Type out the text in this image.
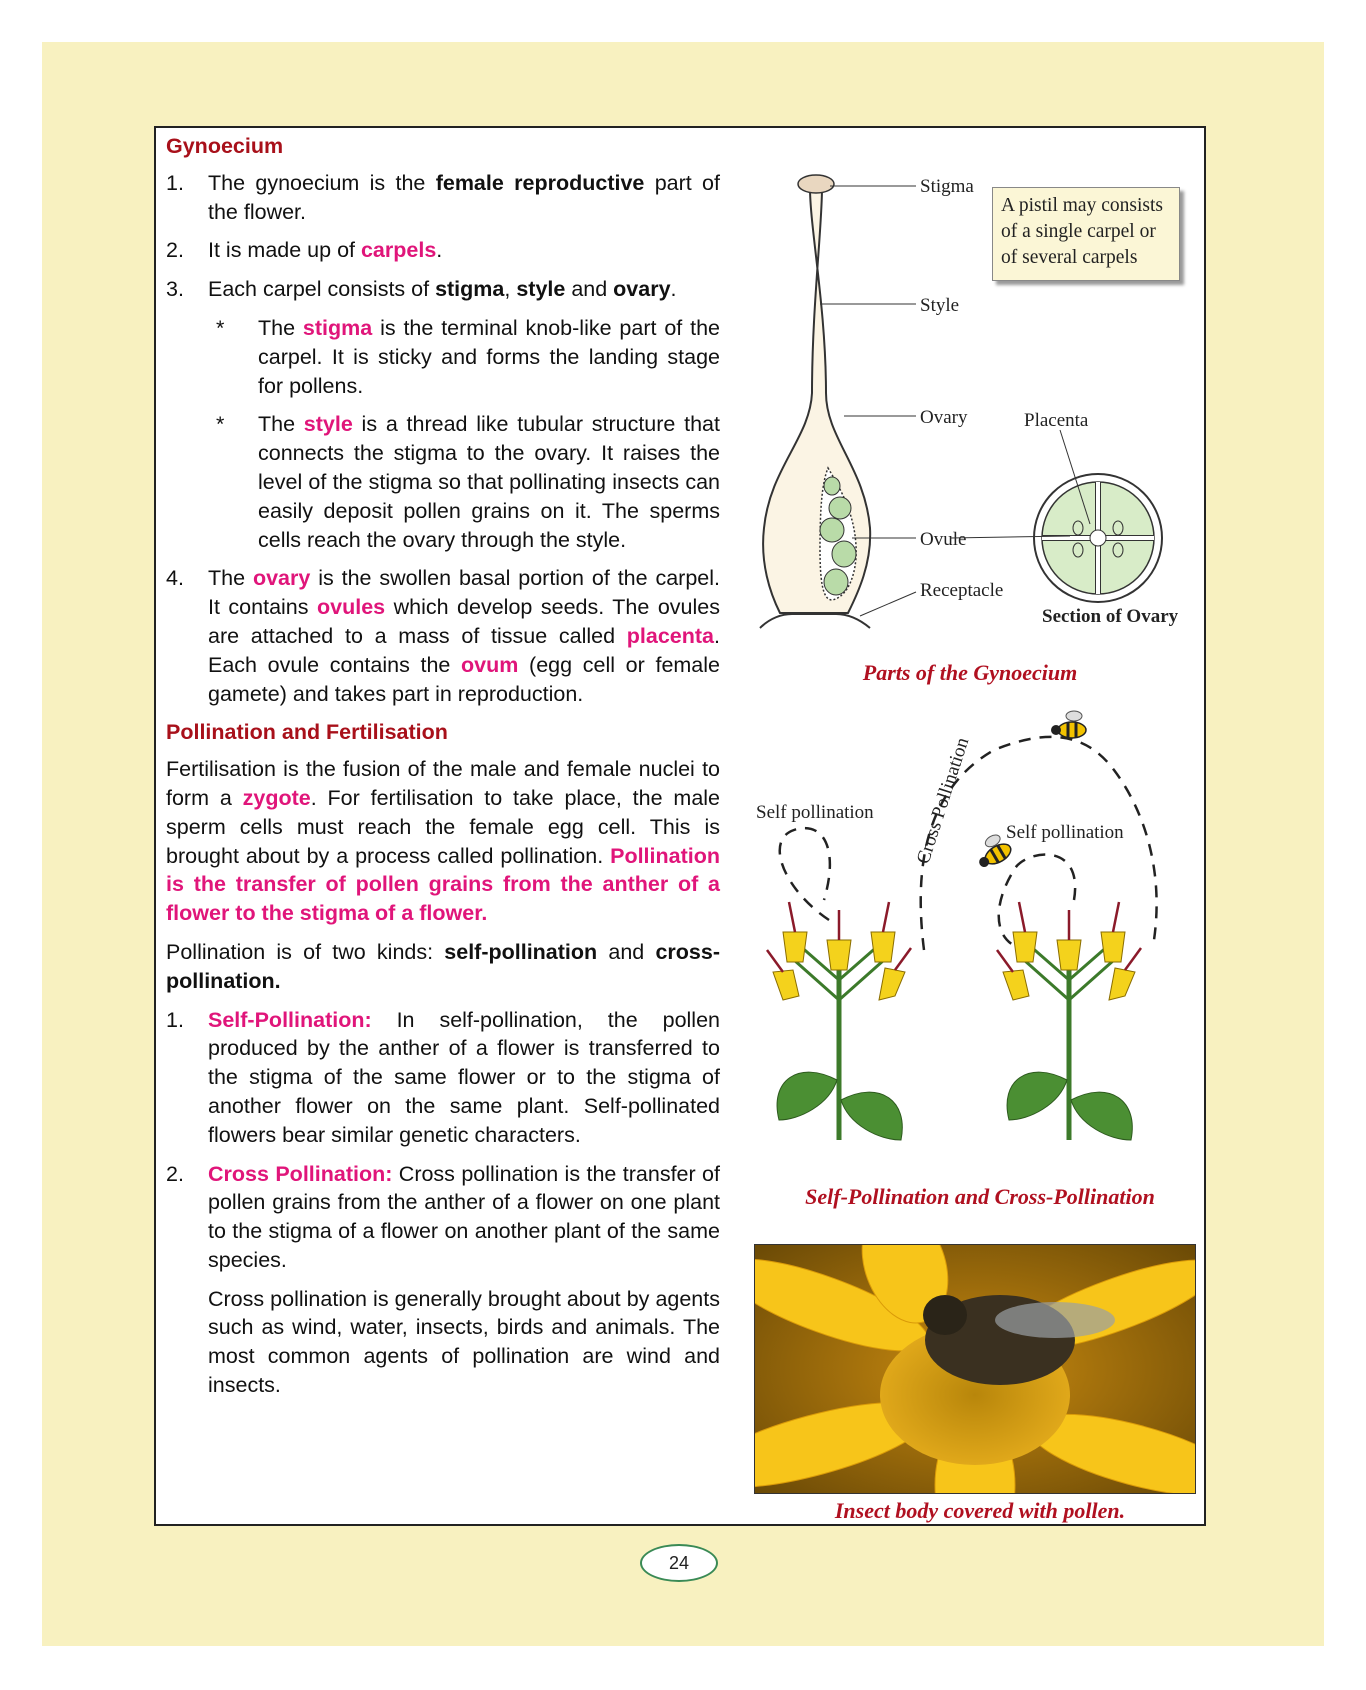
Gynoecium
1.	The gynoecium is the female reproductive part of the flower.
2.	It is made up of carpels.
3.	Each carpel consists of stigma, style and ovary.
*	The stigma is the terminal knob-like part of the carpel. It is sticky and forms the landing stage for pollens.
*	The style is a thread like tubular structure that connects the stigma to the ovary. It raises the level of the stigma so that pollinating insects can easily deposit pollen grains on it. The sperms cells reach the ovary through the style.
4.	The ovary is the swollen basal portion of the carpel. It contains ovules which develop seeds. The ovules are attached to a mass of tissue called placenta. Each ovule contains the ovum (egg cell or female gamete) and takes part in reproduction.
Pollination and Fertilisation
Fertilisation is the fusion of the male and female nuclei to form a zygote. For fertilisation to take place, the male sperm cells must reach the female egg cell. This is brought about by a process called pollination. Pollination is the transfer of pollen grains from the anther of a flower to the stigma of a flower.
Pollination is of two kinds: self-pollination and cross-pollination.
1.	Self-Pollination: In self-pollination, the pollen produced by the anther of a flower is transferred to the stigma of the same flower or to the stigma of another flower on the same plant. Self-pollinated flowers bear similar genetic characters.
2.	Cross Pollination: Cross pollination is the transfer of pollen grains from the anther of a flower on one plant to the stigma of a flower on another plant of the same species.
Cross pollination is generally brought about by agents such as wind, water, insects, birds and animals. The most common agents of pollination are wind and insects.
Stigma
Style
Ovary
Ovule
Receptacle
Placenta
Section of Ovary
A pistil may consists of a single carpel or of several carpels
Parts of the Gynoecium
Self pollination
Self pollination
Cross Pollination
Self-Pollination and Cross-Pollination
Insect body covered with pollen.
24
